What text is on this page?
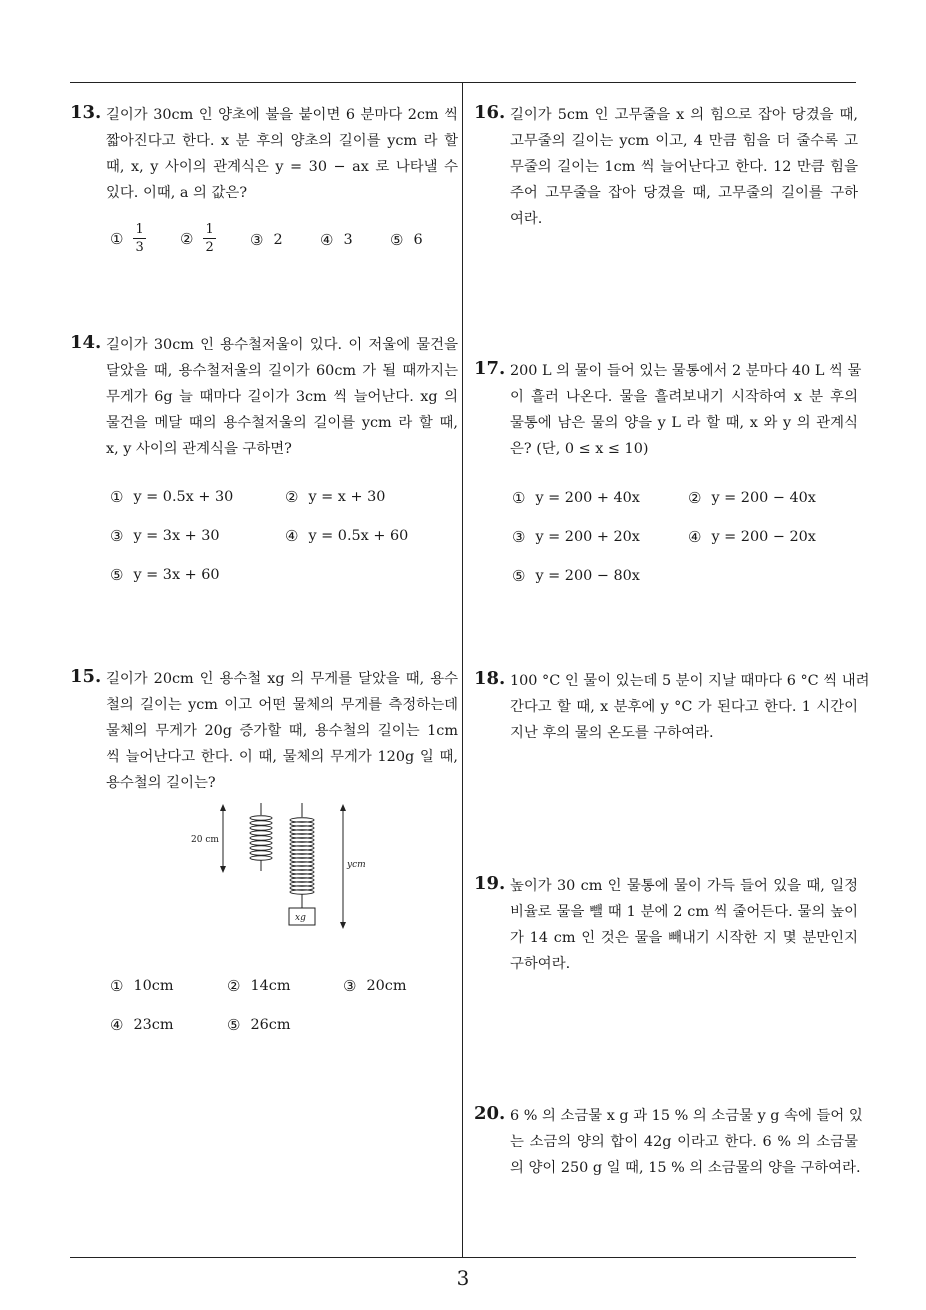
13. 길이가 30cm 인 양초에 불을 붙이면 6 분마다 2cm 씩
짧아진다고 한다. x 분 후의 양초의 길이를 ycm 라 할
때, x, y 사이의 관계식은 y = 30 − ax 로 나타낼 수
있다. 이때, a 의 값은?
① $\frac{1}{3}$ ② $\frac{1}{2}$ ③ 2 ④ 3 ⑤ 6
14. 길이가 30cm 인 용수철저울이 있다. 이 저울에 물건을
달았을 때, 용수철저울의 길이가 60cm 가 될 때까지는
무게가 6g 늘 때마다 길이가 3cm 씩 늘어난다. xg 의
물건을 메달 때의 용수철저울의 길이를 ycm 라 할 때,
x, y 사이의 관계식을 구하면?
① y = 0.5x + 30	② y = x + 30
③ y = 3x + 30	④ y = 0.5x + 60
⑤ y = 3x + 60
15. 길이가 20cm 인 용수철 xg 의 무게를 달았을 때, 용수
철의 길이는 ycm 이고 어떤 물체의 무게를 측정하는데
물체의 무게가 20g 증가할 때, 용수철의 길이는 1cm
씩 늘어난다고 한다. 이 때, 물체의 무게가 120g 일 때,
용수철의 길이는?
20 cm
xg
ycm
① 10cm	② 14cm	③ 20cm
④ 23cm	⑤ 26cm
16. 길이가 5cm 인 고무줄을 x 의 힘으로 잡아 당겼을 때,
고무줄의 길이는 ycm 이고, 4 만큼 힘을 더 줄수록 고
무줄의 길이는 1cm 씩 늘어난다고 한다. 12 만큼 힘을
주어 고무줄을 잡아 당겼을 때, 고무줄의 길이를 구하
여라.
17. 200 L 의 물이 들어 있는 물통에서 2 분마다 40 L 씩 물
이 흘러 나온다. 물을 흘려보내기 시작하여 x 분 후의
물통에 남은 물의 양을 y L 라 할 때, x 와 y 의 관계식
은? (단, 0 ≤ x ≤ 10)
① y = 200 + 40x	② y = 200 − 40x
③ y = 200 + 20x	④ y = 200 − 20x
⑤ y = 200 − 80x
18. 100 °C 인 물이 있는데 5 분이 지날 때마다 6 °C 씩 내려
간다고 할 때, x 분후에 y °C 가 된다고 한다. 1 시간이
지난 후의 물의 온도를 구하여라.
19. 높이가 30 cm 인 물통에 물이 가득 들어 있을 때, 일정
비율로 물을 뺄 때 1 분에 2 cm 씩 줄어든다. 물의 높이
가 14 cm 인 것은 물을 빼내기 시작한 지 몇 분만인지
구하여라.
20. 6 % 의 소금물 x g 과 15 % 의 소금물 y g 속에 들어 있
는 소금의 양의 합이 42g 이라고 한다. 6 % 의 소금물
의 양이 250 g 일 때, 15 % 의 소금물의 양을 구하여라.
3
